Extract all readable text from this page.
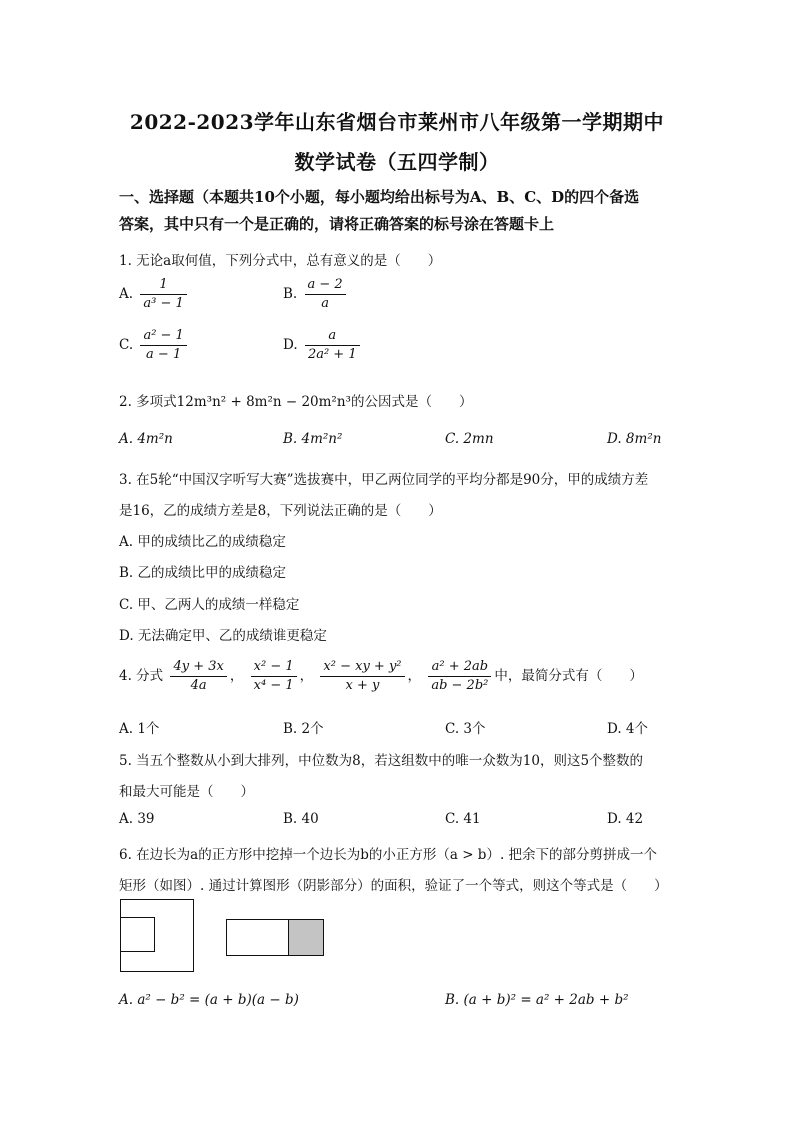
2022-2023学年山东省烟台市莱州市八年级第一学期期中
数学试卷（五四学制）
一、选择题（本题共10个小题，每小题均给出标号为A、B、C、D的四个备选
答案，其中只有一个是正确的，请将正确答案的标号涂在答题卡上
1. 无论a取何值，下列分式中，总有意义的是（　　）
A. $\frac{1}{\text{a³ − 1}}$	B. $\frac{a - 2}{a}$
C. $\frac{\text{a² − 1}}{a - 1}$	D. $\frac{a}{\text{2a² + 1}}$
2. 多项式12m³n² + 8m²n − 20m²n³的公因式是（　　）
A. 4m²n	B. 4m²n²	C. 2mn	D. 8m²n
3. 在5轮“中国汉字听写大赛”选拔赛中，甲乙两位同学的平均分都是90分，甲的成绩方差
是16，乙的成绩方差是8，下列说法正确的是（　　）
A. 甲的成绩比乙的成绩稳定
B. 乙的成绩比甲的成绩稳定
C. 甲、乙两人的成绩一样稳定
D. 无法确定甲、乙的成绩谁更稳定
4. 分式 $\frac{4y + 3x}{4a}$ ， $\frac{\text{x² − 1}}{\text{x⁴ − 1}}$ ， $\frac{\text{x² − xy + y²}}{x + y}$ ， $\frac{\text{a² + 2ab}}{\text{ab − 2b²}}$ 中，最简分式有（　　）
A. 1个	B. 2个	C. 3个	D. 4个
5. 当五个整数从小到大排列，中位数为8，若这组数中的唯一众数为10，则这5个整数的
和最大可能是（　　）
A. 39	B. 40	C. 41	D. 42
6. 在边长为a的正方形中挖掉一个边长为b的小正方形（a > b）. 把余下的部分剪拼成一个
矩形（如图）. 通过计算图形（阴影部分）的面积，验证了一个等式，则这个等式是（　　）
A. a² − b² = (a + b)(a − b)	B. (a + b)² = a² + 2ab + b²
